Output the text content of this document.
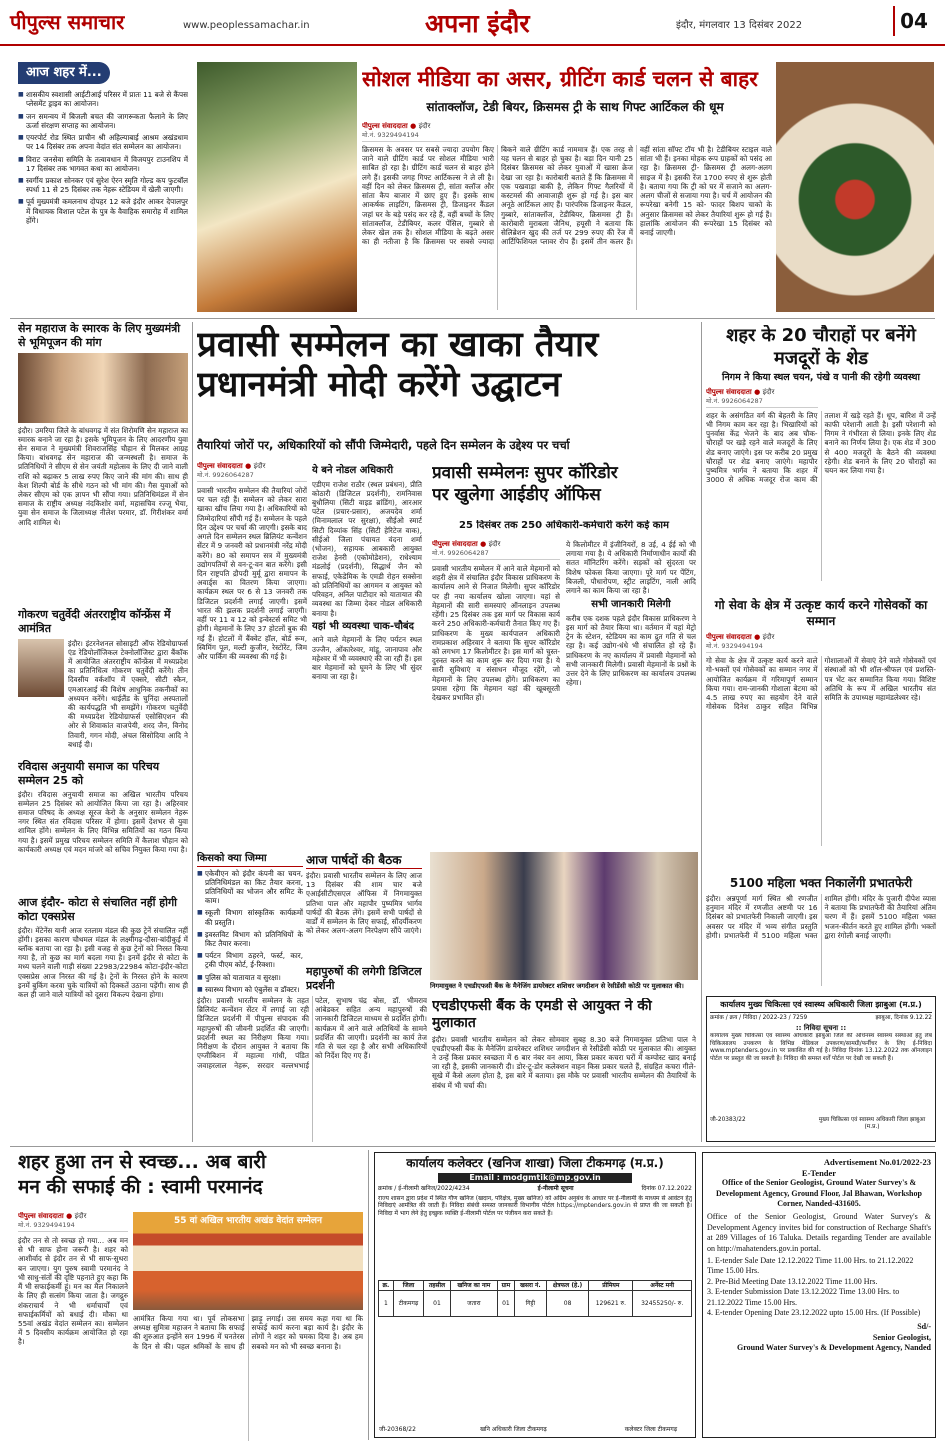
पीपुल्स समाचार	www.peoplessamachar.in	अपना इंदौर	इंदौर, मंगलवार 13 दिसंबर 2022	04
आज शहर में...
■ शासकीय स्वशासी आईटीआई परिसर में प्रातः 11 बजे से कैंपस प्लेसमेंट ड्राइव का आयोजन।
■ जन समन्वय में बिजली बचत की जागरूकता फैलाने के लिए ऊर्जा संरक्षण सप्ताह का आयोजन।
■ एयरपोर्ट रोड स्थित प्राचीन श्री अहिल्याबाई आश्रम अखंडधाम पर 14 दिसंबर तक अपना वेदांत संत सम्मेलन का आयोजन।
■ विराट जनसेवा समिति के तत्वावधान में विजयपुर टाउनशिप में 17 दिसंबर तक भागवत कथा का आयोजन।
■ स्वर्गीय प्रकाश सोनकर एवं सुरेश ऐरन स्मृति गोल्ड कप फुटबॉल स्पर्धा 11 से 25 दिसंबर तक नेहरू स्टेडियम में खेली जाएगी।
■ पूर्व मुख्यमंत्री कमलनाथ दोपहर 12 बजे इंदौर आकर देपालपुर में विधायक विशाल पटेल के पुत्र के वैवाहिक समारोह में शामिल होंगे।
सोशल मीडिया का असर, ग्रीटिंग कार्ड चलन से बाहर
सांताक्लॉज, टेडी बियर, क्रिसमस ट्री के साथ गिफ्ट आर्टिकल की धूम
पीपुल्स संवाददाता ● इंदौर
मो.नं. 9329494194
क्रिसमस के अवसर पर सबसे ज्यादा उपयोग किए जाने वाले ग्रीटिंग कार्ड पर सोशल मीडिया भारी साबित हो रहा है। ग्रीटिंग कार्ड चलन से बाहर होने लगे हैं। इसकी जगह गिफ्ट आर्टिकल्स ने ले ली है। वहीं दिन को लेकर क्रिसमस ट्री, सांता क्लॉज और सांता कैप बाजार में छाए हुए हैं। इसके साथ आकर्षक लाइटिंग, क्रिसमस ट्री, डिजाइनर कैंडल जहां घर के बड़े पसंद कर रहे हैं, वहीं बच्चों के लिए सांताक्लॉज, टेडीबियर, कलर पेंसिल, गुब्बारे से लेकर खेल तक है। सोशल मीडिया के बढ़ते असर का ही नतीजा है कि क्रिसमस पर सबसे ज्यादा बिकने वाले ग्रीटिंग कार्ड नाममात्र हैं। एक तरह से यह चलन से बाहर हो चुका है। बड़ा दिन यानी 25 दिसंबर क्रिसमस को लेकर युवाओं में खासा क्रेज देखा जा रहा है। कारोबारी बताते हैं कि क्रिसमस में एक पखवाड़ा बाकी है, लेकिन गिफ्ट गैलरियों में कस्टमर्स की आवाजाही शुरू हो गई है। इस बार अनूठे आर्टिकल आए हैं। पारंपरिक डिजाइनर कैंडल, गुब्बारे, सांताक्लॉज, टेडीबियर, क्रिसमस ट्री हैं। कारोबारी मुराबला जैनिथ, हयूसी ने बताया कि सेलिब्रेशन खुद की तर्ज पर 299 रुपए की रेंज में आर्टिफिशियल प्लावर रोप हैं। इसमें तीन कलर हैं। वहीं सांता सॉफ्ट टॉय भी है। टेडीबियर स्टाइल वाले सांता भी हैं। इनका मोहक रूप ग्राहकों को पसंद आ रहा है। क्रिसमस ट्री- क्रिसमस ट्री अलग-अलग साइज में है। इसकी रेंज 1700 रुपए से शुरू होती है। बताया गया कि ट्री को घर में सजाने का अलग- अलग चीजों से सजाया गया है। चर्च में आयोजन की रूपरेखा बनेगी 15 को- फादर बिशप चाको के अनुसार क्रिसमस को लेकर तैयारियां शुरू हो गई हैं। हालांकि आयोजन की रूपरेखा 15 दिसंबर को बनाई जाएगी।
सेन महाराज के स्मारक के लिए मुख्यमंत्री से भूमिपूजन की मांग
इंदौर। उमरिया जिले के बांधवगढ़ में संत शिरोमणि सेन महाराज का स्मारक बनाने जा रहा है। इसके भूमिपूजन के लिए आदरणीय युवा सेन समाज ने मुख्यमंत्री शिवराजसिंह चौहान से मिलकर आग्रह किया। बांधवगढ़ सेन महाराज की जन्मस्थली है। समाज के प्रतिनिधियों ने सीएम से सेन जयंती महोत्सव के लिए दी जाने वाली राशि को बढ़ाकर 5 लाख रुपए किए जाने की मांग की। साथ ही केश शिल्पी बोर्ड के सीधे गठन को भी मांग की। गैस युवाओं को लेकर सीएम को एक ज्ञापन भी सौंपा गया। प्रतिनिधिमंडल में सेन समाज के राष्ट्रीय अध्यक्ष नंदकिशोर वर्मा, महासचिव रज्जू भैया, युवा सेन समाज के जिलाध्यक्ष नीलेश परमार, डॉ. गिरीशंकर वर्मा आदि शामिल थे।
गोकरण चतुर्वेदी अंतरराष्ट्रीय कॉन्फ्रेंस में आमंत्रित
इंदौर। इंटरनेशनल सोसाइटी ऑफ रेडियोग्राफर्स एंड रेडियोलॉजिकल टेक्नोलॉजिस्ट द्वारा बैंकॉक में आयोजित अंतरराष्ट्रीय कॉन्फ्रेंस में मध्यप्रदेश का प्रतिनिधित्व गोकरण चतुर्वेदी करेंगे। तीन दिवसीय वर्कशॉप में एक्सरे, सीटी स्कैन, एमआरआई की विशेष आधुनिक तकनीकों का अध्ययन करेंगे। थाईलैंड के चुनिंदा अस्पतालों की कार्यपद्धति भी समझेंगे। गोकरण चतुर्वेदी की मध्यप्रदेश रेडियोग्राफर्स एसोसिएशन की ओर से शिवाकांत वाजपेयी, शरद जैन, विनोद तिवारी, गगन मोदी, अंचल सिसोदिया आदि ने बधाई दी।
रविदास अनुयायी समाज का परिचय सम्मेलन 25 को
इंदौर। रविदास अनुयायी समाज का अखिल भारतीय परिचय सम्मेलन 25 दिसंबर को आयोजित किया जा रहा है। अहिरवार समाज परिषद के अध्यक्ष सूरज केरो के अनुसार सम्मेलन नेहरू नगर स्थित संत रविदास परिसर में होगा। इसमें देशभर से युवा शामिल होंगे। सम्मेलन के लिए विभिन्न समितियों का गठन किया गया है। इसमें प्रमुख परिचय सम्मेलन समिति में कैलाश चौहान को कार्यकारी अध्यक्ष एवं मदन मांजरे को सचिव नियुक्त किया गया है।
आज इंदौर- कोटा से संचालित नहीं होगी कोटा एक्सप्रेस
इंदौर। मेंटेनेंस यानी आज रतलाम मंडल की कुछ ट्रेनें संचालित नहीं होंगी। इसका कारण चौथमल मंडल के लक्ष्मीगढ़-दौसा-बांदीकुई में ब्लॉक बताया जा रहा है। इसी वजह से कुछ ट्रेनों को निरस्त किया गया है, तो कुछ का मार्ग बदला गया है। इनमें इंदौर से कोटा के मध्य चलने वाली गाड़ी संख्या 22983/22984 कोटा-इंदौर-कोटा एक्सप्रेस आज निरस्त की गई है। ट्रेनों के निरस्त होने के कारण इनमें बुकिंग करवा चुके यात्रियों को दिक्कतें उठाना पड़ेंगी। साथ ही कल ही जाने वाले यात्रियों को दूसरा विकल्प देखना होगा।
प्रवासी सम्मेलन का खाका तैयार
प्रधानमंत्री मोदी करेंगे उद्घाटन
तैयारियां जोरों पर, अधिकारियों को सौंपी जिम्मेदारी, पहले दिन सम्मेलन के उद्देश्य पर चर्चा
पीपुल्स संवाददाता ● इंदौर
मो.नं. 9926064287
प्रवासी भारतीय सम्मेलन की तैयारियां जोरों पर चल रही हैं। सम्मेलन को लेकर सारा खाका खींच लिया गया है। अधिकारियों को जिम्मेदारियां सौंपी गई हैं। सम्मेलन के पहले दिन उद्देश्य पर चर्चा की जाएगी। इसके बाद अगले दिन सम्मेलन स्थल ब्रिलियंट कन्वेंशन सेंटर में 9 जनवरी को प्रधानमंत्री नरेंद्र मोदी करेंगे। 80 को समापन सत्र में मुख्यमंत्री उद्योगपतियों से वन-टू-वन बात करेंगे। इसी दिन राष्ट्रपति द्रौपदी मुर्मू द्वारा समापन के अवार्ड्स का वितरण किया जाएगा। कार्यक्रम स्थल पर 6 से 13 जनवरी तक डिजिटल प्रदर्शनी लगाई जाएगी। इसमें भारत की झलक प्रदर्शनी लगाई जाएगी। वहीं पर 11 व 12 को इन्वेस्टर्स समिट भी होगी। मेहमानों के लिए 37 होटलों बुक की गई हैं। होटलों में बैंक्वेट हॉल, बोर्ड रूम, स्विमिंग पूल, मल्टी कुजीन, रेस्टोरेंट, जिम और पार्किंग की व्यवस्था की गई है।
ये बने नोडल अधिकारी
एडीएम राजेश राठौर (स्थल प्रबंधन), प्रीति कोठारी (डिजिटल प्रदर्शनी), रामनिवास बुधौलिया (सिटी वाइड ब्रांडिंग), आरआर पटेल (प्रचार-प्रसार), अजयदेव शर्मा (मिनामलाल पर सुरक्षा), सीईओ स्मार्ट सिटी दिव्यांक सिंह (सिटी हेरिटेज वाक), सीईओ जिला पंचायत वंदना शर्मा (भोजन), सहायक आबकारी आयुक्त राजेश हेनरी (एकोमोडेशन), राधेश्याम मंडलोई (प्रदर्शनी), सिद्धार्थ जैन को सफाई, एकेडेमिक के एमडी रोहन सक्सेना को प्रतिनिधियों का आगमन व आयुक्त को परिवहन, अनिल पाटीदार को यातायात की व्यवस्था का जिम्मा देकर नोडल अधिकारी बनाया है।
यहां भी व्यवस्था चाक-चौबंद
आने वाले मेहमानों के लिए पर्यटन स्थल उज्जैन, ओंकारेश्वर, मांडू, जानापाव और महेश्वर में भी व्यवस्थाएं की जा रही हैं। इस बार मेहमानों को घूमने के लिए भी सुंदर बनाया जा रहा है।
किसको क्या जिम्मा
■ एकेवीएन को इंदौर कंपनी का चयन, प्रतिनिधिमंडल का किट तैयार करना, प्रतिनिधियों का भोजन और समिट के काम।
■ स्कूली विभाग सांस्कृतिक कार्यक्रमों की प्रस्तुति।
■ इवस्तविट विभाग को प्रतिनिधियों के किट तैयार करना।
■ पर्यटन विभाग ठहरने, फर्स्ट, कार, ट्रकी पीएम कोर्ट, ई-रिक्शा।
■ पुलिस को यातायात व सुरक्षा।
■ स्वास्थ्य विभाग को एंबुलेंस व डॉक्टर।
आज पार्षदों की बैठक
इंदौर। प्रवासी भारतीय सम्मेलन के लिए आज 13 दिसंबर की शाम चार बजे एआईसीटीएसएल ऑफिस में निगमायुक्त प्रतिभा पाल और महापौर पुष्यमित्र भार्गव पार्षदों की बैठक लेंगे। इसमें सभी पार्षदों से वार्डों में सम्मेलन के लिए सफाई, सौंदर्यीकरण को लेकर अलग-अलग निरपेक्षण सौंपे जाएंगे।
प्रवासी सम्मेलनः सुपर कॉरिडोर
पर खुलेगा आईडीए ऑफिस
25 दिसंबर तक 250 अधिकारी-कर्मचारी करेंगे कई काम
पीपुल्स संवाददाता ● इंदौर
मो.नं. 9926064287
प्रवासी भारतीय सम्मेलन में आने वाले मेहमानों को शहरी क्षेत्र में संचालित इंदौर विकास प्राधिकरण के कार्यालय आने से निजात मिलेगी। सुपर कॉरिडोर पर ही नया कार्यालय खोला जाएगा। यहां से मेहमानों की सारी समस्याएं ऑनलाइन उपलब्ध रहेंगी। 25 दिसंबर तक इस मार्ग पर विकास कार्य करने 250 अधिकारी-कर्मचारी तैनात किए गए हैं। प्राधिकरण के मुख्य कार्यपालन अधिकारी रामप्रकाश अहिरवार ने बताया कि सुपर कॉरिडोर को लगभग 17 किलोमीटर है। इस मार्ग को चुस्त-दुरुस्त करने का काम शुरू कर दिया गया है। ये सारी सुविधाएं व संसाधन मौजूद रहेंगे, जो मेहमानों के लिए उपलब्ध होंगे। प्राधिकरण का प्रयास रहेगा कि मेहमान यहां की खूबसूरती देखकर प्रभावित हों।
ये किलोमीटर में इंजीनियरों, 8 उई, 4 ईई को भी लगाया गया है। ये अधिकारी निर्माणाधीन कार्यों की सतत मॉनिटरिंग करेंगे। सड़कों को सुंदरता पर विशेष फोकस किया जाएगा। पूरे मार्ग पर पेंटिंग, बिजली, पौधारोपण, स्ट्रीट लाइटिंग, नाली आदि लगाने का काम किया जा रहा है।
सभी जानकारी मिलेगी
करीब एक दशक पहले इंदौर विकास प्राधिकरण ने इस मार्ग को तैयार किया था। वर्तमान में यहां मेट्रो ट्रेन के स्टेशन, स्टेडियम का काम द्रुत गति से चल रहा है। कई उद्योग-धंधे भी संचालित हो रहे हैं। प्राधिकरण के नए कार्यालय में प्रवासी मेहमानों को सभी जानकारी मिलेगी। प्रवासी मेहमानों के प्रश्नों के उत्तर देने के लिए प्राधिकरण का कार्यालय उपलब्ध रहेगा।
निगमायुक्त ने एचडीएफसी बैंक के मैनेजिंग डायरेक्टर शशिधर जगदीशन से रेसीडेंसी कोठी पर मुलाकात की।
महापुरुषों की लगेगी डिजिटल प्रदर्शनी
इंदौर। प्रवासी भारतीय सम्मेलन के तहत ब्रिलियंट कन्वेंशन सेंटर में लगाई जा रही डिजिटल प्रदर्शनी में पीपुल्स संपादक की महापुरुषों की जीवनी प्रदर्शित की जाएगी। प्रदर्शनी स्थल का निरीक्षण किया गया। निरीक्षण के दौरान आयुक्त ने बताया कि एग्जीबिशन में महात्मा गांधी, पंडित जवाहरलाल नेहरू, सरदार वल्लभभाई पटेल, सुभाष चंद्र बोस, डॉ. भीमराव आंबेडकर सहित अन्य महापुरुषों की जानकारी डिजिटल माध्यम से प्रदर्शित होगी। कार्यक्रम में आने वाले अतिथियों के सामने प्रदर्शित की जाएगी। प्रदर्शनी का कार्य तेज गति से चल रहा है और सभी अधिकारियों को निर्देश दिए गए हैं।
एचडीएफसी बैंक के एमडी से आयुक्त ने की मुलाकात
इंदौर। प्रवासी भारतीय सम्मेलन को लेकर सोमवार सुबह 8.30 बजे निगमायुक्त प्रतिभा पाल ने एचडीएफसी बैंक के मैनेजिंग डायरेक्टर शशिधर जगदीशन से रेसीडेंसी कोठी पर मुलाकात की। आयुक्त ने उन्हें किस प्रकार स्वच्छता में 6 बार नंबर वन आया, किस प्रकार कचरा घरों में कम्पोस्ट खाद बनाई जा रही है, इसकी जानकारी दी। डोर-टू-डोर कलेक्शन वाहन किस प्रकार चलते हैं, संग्रहित कचरा गीले-सूखे में कैसे अलग होता है, इस बारे में बताया। इस मौके पर प्रवासी भारतीय सम्मेलन की तैयारियों के संबंध में भी चर्चा की।
शहर के 20 चौराहों पर बनेंगे मजदूरों के शेड
निगम ने किया स्थल चयन, पंखे व पानी की रहेगी व्यवस्था
पीपुल्स संवाददाता ● इंदौर
मो.नं. 9926064287
शहर के असंगठित वर्ग की बेहतरी के लिए भी निगम काम कर रहा है। भिखारियों को पुनर्वास केंद्र भेजने के बाद अब चौक-चौराहों पर खड़े रहने वाले मजदूरों के लिए शेड बनाए जाएंगे। इस पर करीब 20 प्रमुख चौराहों पर शेड बनाए जाएंगे। महापौर पुष्यमित्र भार्गव ने बताया कि शहर में 3000 से अधिक मजदूर रोज काम की तलाश में खड़े रहते हैं। धूप, बारिश में उन्हें काफी परेशानी आती है। इसी परेशानी को निगम ने गंभीरता से लिया। इनके लिए शेड बनाने का निर्णय लिया है। एक शेड में 300 से 400 मजदूरों के बैठने की व्यवस्था रहेगी। शेड बनाने के लिए 20 चौराहों का चयन कर लिया गया है।
गो सेवा के क्षेत्र में उत्कृष्ट कार्य करने गोसेवकों का सम्मान
पीपुल्स संवाददाता ● इंदौर
मो.नं. 9329494194
गो सेवा के क्षेत्र में उत्कृष्ट कार्य करने वाले गो-भक्तों एवं गोसेवकों का सम्मान नगर में आयोजित कार्यक्रम में गरिमापूर्ण सम्मान किया गया। राम-जानकी गोशाला बेटमा को 4.5 लाख रुपए का सहयोग देने वाले गोसेवक दिनेश ठाकुर सहित विभिन्न गोशालाओं में सेवाएं देने वाले गोसेवकों एवं संस्थाओं को भी शॉल-श्रीफल एवं प्रशस्ति-पत्र भेंट कर सम्मानित किया गया। विशिष्ट अतिथि के रूप में अखिल भारतीय संत समिति के उपाध्यक्ष महामंडलेश्वर रहे।
5100 महिला भक्त निकालेंगी प्रभातफेरी
इंदौर। अन्नपूर्णा मार्ग स्थित श्री रणजीत हनुमान मंदिर में रणजीत अष्टमी पर 16 दिसंबर को प्रभातफेरी निकाली जाएगी। इस अवसर पर मंदिर में भव्य संगीत प्रस्तुति होगी। प्रभातफेरी में 5100 महिला भक्त शामिल होंगी। मंदिर के पुजारी दीपेश व्यास ने बताया कि प्रभातफेरी की तैयारियां अंतिम चरण में हैं। इसमें 5100 महिला भक्त भजन-कीर्तन करते हुए शामिल होंगी। भक्तों द्वारा रंगोली बनाई जाएगी।
कार्यालय मुख्य चिकित्सा एवं स्वास्थ्य अधिकारी जिला झाबुआ (म.प्र.)
क्रमांक / क्रय / निविदा / 2022-23 / 7259	झाबुआ, दिनांक 9.12.22
:: निविदा सूचना ::
कार्यालय मुख्य चिकित्सा एवं स्वास्थ्य अधिकारी झाबुआ जिले की अधिनस्थ स्वास्थ्य संस्थाओं हेतु लैब चिकित्सालय उपकरण के विभिन्न मेडिकल उपकरण/सामग्री/फर्नीचर के लिए ई-निविदा www.mptenders.gov.in पर प्रकाशित की गई है। निविदा दिनांक 13.12.2022 तक ऑनलाइन पोर्टल पर प्रस्तुत की जा सकती है। निविदा की समस्त शर्तें पोर्टल पर देखी जा सकती हैं।
जी-20383/22	मुख्य चिकित्सा एवं स्वास्थ्य अधिकारी जिला झाबुआ (म.प्र.)
शहर हुआ तन से स्वच्छ... अब बारी
मन की सफाई की : स्वामी परमानंद
पीपुल्स संवाददाता ● इंदौर
मो.नं. 9329494194
इंदौर तन से तो स्वच्छ हो गया... अब मन से भी साफ होना जरूरी है। शहर को आशीर्वाद से इंदौर तन से भी साफ-सुथरा बन जाएगा। युग पुरुष स्वामी परमानंद ने भी साधु-संतों की दृष्टि पहनाते हुए कहा कि मैं भी सफाईकर्मी हूं। मन का मैल निकालने के लिए ही सत्संग किया जाता है। जगद्गुरु शंकराचार्य ने भी धर्माचार्यों एवं सफाईकर्मियों को बधाई दी। मौका था 55वां अखंड वेदांत सम्मेलन का। सम्मेलन में 5 दिवसीय कार्यक्रम आयोजित हो रहा है।
55 वां अखिल भारतीय अखंड वेदांत सम्मेलन
आमंत्रित किया गया था। पूर्व लोकसभा अध्यक्ष सुमित्रा महाजन ने बताया कि सफाई की शुरुआत इन्होंने सन 1996 में घनतेरस के दिन से की। पहल श्रमिकों के साथ ही झाड़ू लगाई। उस समय कहा गया था कि सफाई कार्य करना बड़ा कार्य है। इंदौर के लोगों ने शहर को चमका दिया है। अब हम सबको मन को भी स्वच्छ बनाना है।
कार्यालय कलेक्टर (खनिज शाखा) जिला टीकमगढ़ (म.प्र.)
Email : modgmtik@mp.gov.in
क्रमांक / ई-नीलामी खनिज/2022/4234	ई-नीलामी सूचना	दिनांक 07.12.2022
राज्य शासन द्वारा प्रदेश में स्थित गौण खनिज (खदान, परिक्षेत्र, मुख्य खनिज) को अग्रिम अनुबंध के आधार पर ई-नीलामी के माध्यम से आवंटन हेतु निविदाएं आमंत्रित की जाती हैं। निविदा संबंधी समस्त जानकारी विभागीय पोर्टल https://mptenders.gov.in से प्राप्त की जा सकती है। निविदा में भाग लेने हेतु इच्छुक व्यक्ति ई-नीलामी पोर्टल पर पंजीयन करा सकते हैं।
क्र.	जिला	तहसील	खनिज का नाम	ग्राम	खसरा नं.	क्षेत्रफल (हे.)	प्रीमियम	अर्नेस्ट मनी
1	टीकमगढ़	01	जतारा	01	गिट्टी	08	129621 रु.	32455250/- रु.
जी-20368/22	खनि अधिकारी जिला टीकमगढ़	कलेक्टर जिला टीकमगढ़
Advertisement No.01/2022-23
E-Tender
Office of the Senior Geologist, Ground Water Survey's & Development Agency, Ground Floor, Jal Bhawan, Workshop Corner, Nanded-431605.
Office of the Senior Geologist, Ground Water Survey's & Development Agency invites bid for construction of Recharge Shaft's at 289 Villages of 16 Taluka. Details regarding Tender are available on http://mahatenders.gov.in portal.
1. E-tender Sale Date 12.12.2022 Time 11.00 Hrs. to 21.12.2022 Time 15.00 Hrs.
2. Pre-Bid Meeting Date 13.12.2022 Time 11.00 Hrs.
3. E-tender Submission Date 13.12.2022 Time 13.00 Hrs. to 21.12.2022 Time 15.00 Hrs.
4. E-tender Opening Date 23.12.2022 upto 15.00 Hrs. (If Possible)
Sd/-
Senior Geologist,
Ground Water Survey's & Development Agency, Nanded
